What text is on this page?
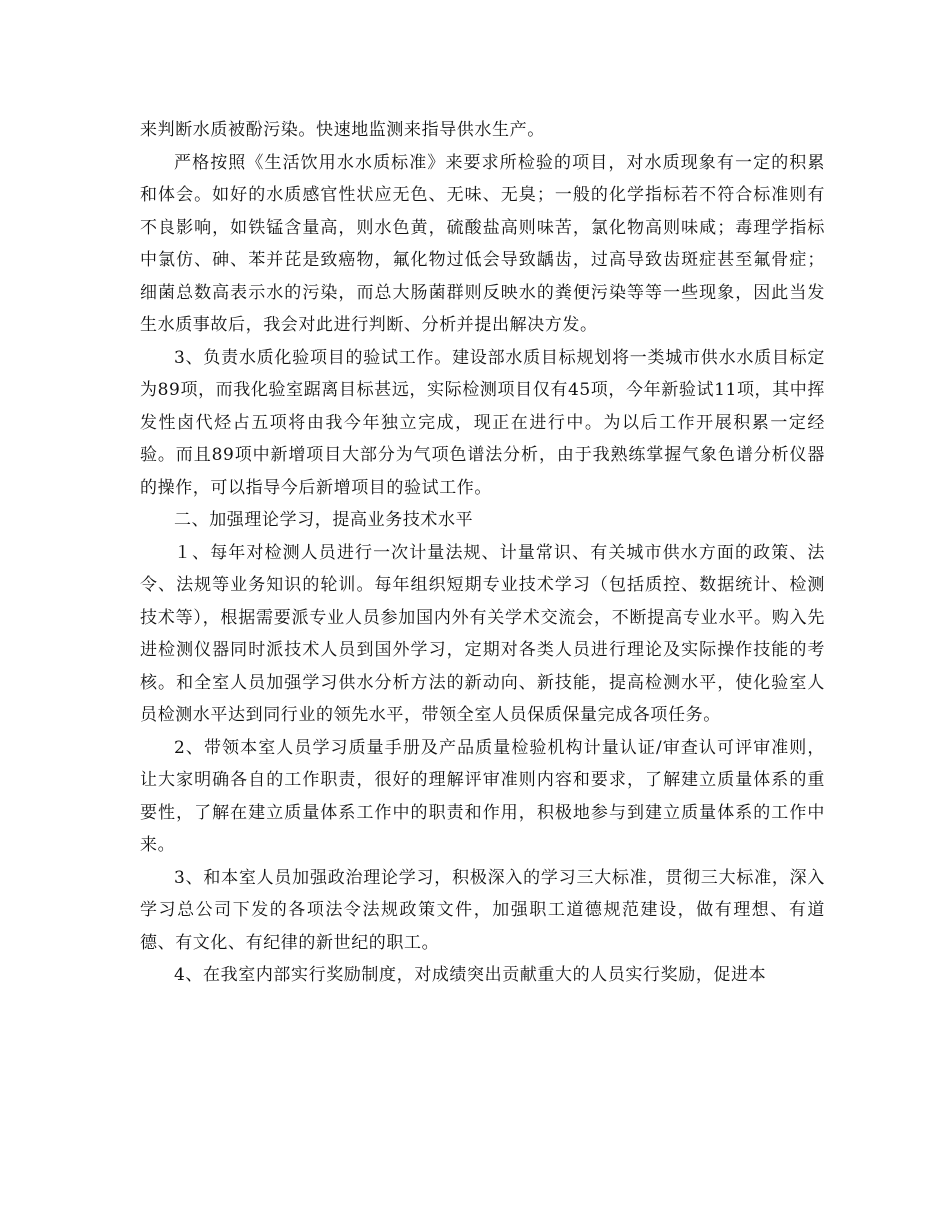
来判断水质被酚污染。快速地监测来指导供水生产。

严格按照《生活饮用水水质标准》来要求所检验的项目，对水质现象有一定的积累和体会。如好的水质感官性状应无色、无味、无臭；一般的化学指标若不符合标准则有不良影响，如铁锰含量高，则水色黄，硫酸盐高则味苦，氯化物高则味咸；毒理学指标中氯仿、砷、苯并芘是致癌物，氟化物过低会导致龋齿，过高导致齿斑症甚至氟骨症；细菌总数高表示水的污染，而总大肠菌群则反映水的粪便污染等等一些现象，因此当发生水质事故后，我会对此进行判断、分析并提出解决方发。

3、负责水质化验项目的验试工作。建设部水质目标规划将一类城市供水水质目标定为89项，而我化验室踞离目标甚远，实际检测项目仅有45项，今年新验试11项，其中挥发性卤代烃占五项将由我今年独立完成，现正在进行中。为以后工作开展积累一定经验。而且89项中新增项目大部分为气项色谱法分析，由于我熟练掌握气象色谱分析仪器的操作，可以指导今后新增项目的验试工作。

二、加强理论学习，提高业务技术水平

１、每年对检测人员进行一次计量法规、计量常识、有关城市供水方面的政策、法令、法规等业务知识的轮训。每年组织短期专业技术学习（包括质控、数据统计、检测技术等），根据需要派专业人员参加国内外有关学术交流会，不断提高专业水平。购入先进检测仪器同时派技术人员到国外学习，定期对各类人员进行理论及实际操作技能的考核。和全室人员加强学习供水分析方法的新动向、新技能，提高检测水平，使化验室人员检测水平达到同行业的领先水平，带领全室人员保质保量完成各项任务。

2、带领本室人员学习质量手册及产品质量检验机构计量认证/审查认可评审准则，让大家明确各自的工作职责，很好的理解评审准则内容和要求，了解建立质量体系的重要性，了解在建立质量体系工作中的职责和作用，积极地参与到建立质量体系的工作中来。

3、和本室人员加强政治理论学习，积极深入的学习三大标准，贯彻三大标准，深入学习总公司下发的各项法令法规政策文件，加强职工道德规范建设，做有理想、有道德、有文化、有纪律的新世纪的职工。

4、在我室内部实行奖励制度，对成绩突出贡献重大的人员实行奖励，促进本
